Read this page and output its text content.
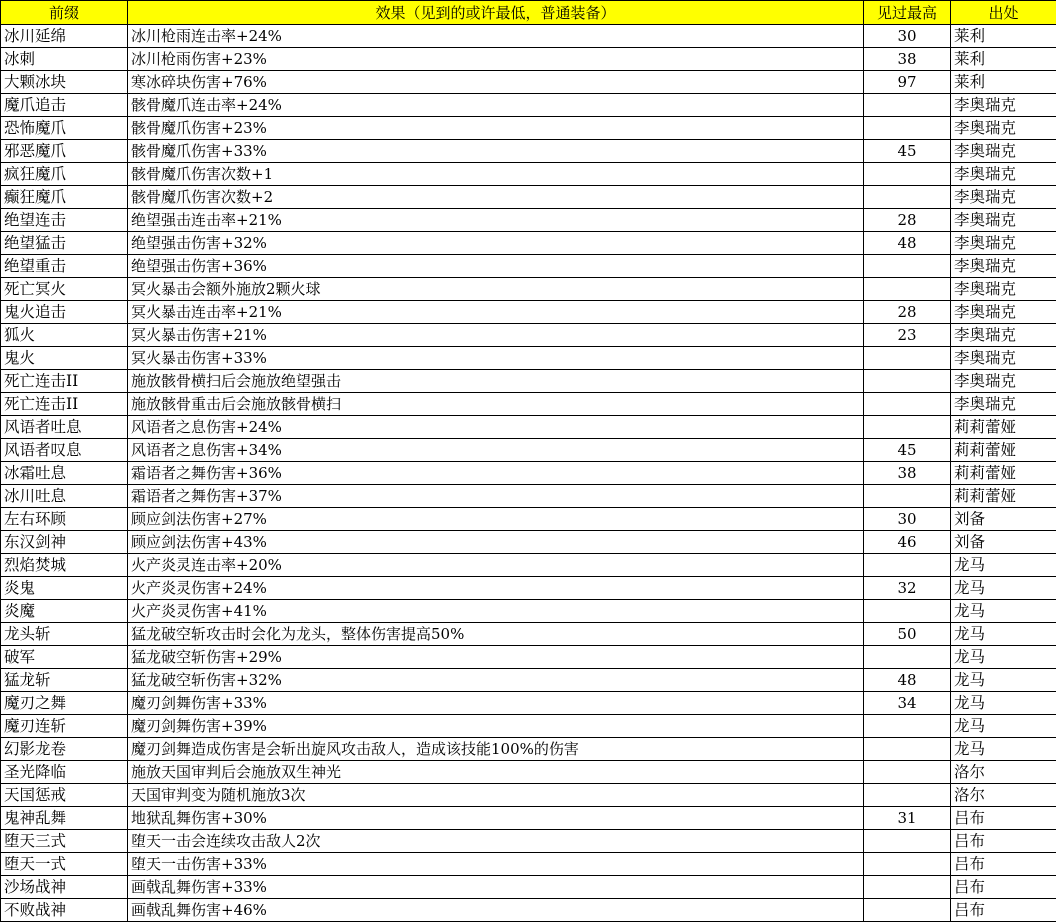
前缀	效果（见到的或许最低，普通装备）	见过最高	出处
冰川延绵	冰川枪雨连击率+24%	30	莱利
冰刺	冰川枪雨伤害+23%	38	莱利
大颗冰块	寒冰碎块伤害+76%	97	莱利
魔爪追击	骸骨魔爪连击率+24%		李奥瑞克
恐怖魔爪	骸骨魔爪伤害+23%		李奥瑞克
邪恶魔爪	骸骨魔爪伤害+33%	45	李奥瑞克
疯狂魔爪	骸骨魔爪伤害次数+1		李奥瑞克
癫狂魔爪	骸骨魔爪伤害次数+2		李奥瑞克
绝望连击	绝望强击连击率+21%	28	李奥瑞克
绝望猛击	绝望强击伤害+32%	48	李奥瑞克
绝望重击	绝望强击伤害+36%		李奥瑞克
死亡冥火	冥火暴击会额外施放2颗火球		李奥瑞克
鬼火追击	冥火暴击连击率+21%	28	李奥瑞克
狐火	冥火暴击伤害+21%	23	李奥瑞克
鬼火	冥火暴击伤害+33%		李奥瑞克
死亡连击II	施放骸骨横扫后会施放绝望强击		李奥瑞克
死亡连击II	施放骸骨重击后会施放骸骨横扫		李奥瑞克
风语者吐息	风语者之息伤害+24%		莉莉蕾娅
风语者叹息	风语者之息伤害+34%	45	莉莉蕾娅
冰霜吐息	霜语者之舞伤害+36%	38	莉莉蕾娅
冰川吐息	霜语者之舞伤害+37%		莉莉蕾娅
左右环顾	顾应剑法伤害+27%	30	刘备
东汉剑神	顾应剑法伤害+43%	46	刘备
烈焰焚城	火产炎灵连击率+20%		龙马
炎鬼	火产炎灵伤害+24%	32	龙马
炎魔	火产炎灵伤害+41%		龙马
龙头斩	猛龙破空斩攻击时会化为龙头，整体伤害提高50%	50	龙马
破军	猛龙破空斩伤害+29%		龙马
猛龙斩	猛龙破空斩伤害+32%	48	龙马
魔刃之舞	魔刃剑舞伤害+33%	34	龙马
魔刃连斩	魔刃剑舞伤害+39%		龙马
幻影龙卷	魔刃剑舞造成伤害是会斩出旋风攻击敌人，造成该技能100%的伤害		龙马
圣光降临	施放天国审判后会施放双生神光		洛尔
天国惩戒	天国审判变为随机施放3次		洛尔
鬼神乱舞	地狱乱舞伤害+30%	31	吕布
堕天三式	堕天一击会连续攻击敌人2次		吕布
堕天一式	堕天一击伤害+33%		吕布
沙场战神	画戟乱舞伤害+33%		吕布
不败战神	画戟乱舞伤害+46%		吕布
